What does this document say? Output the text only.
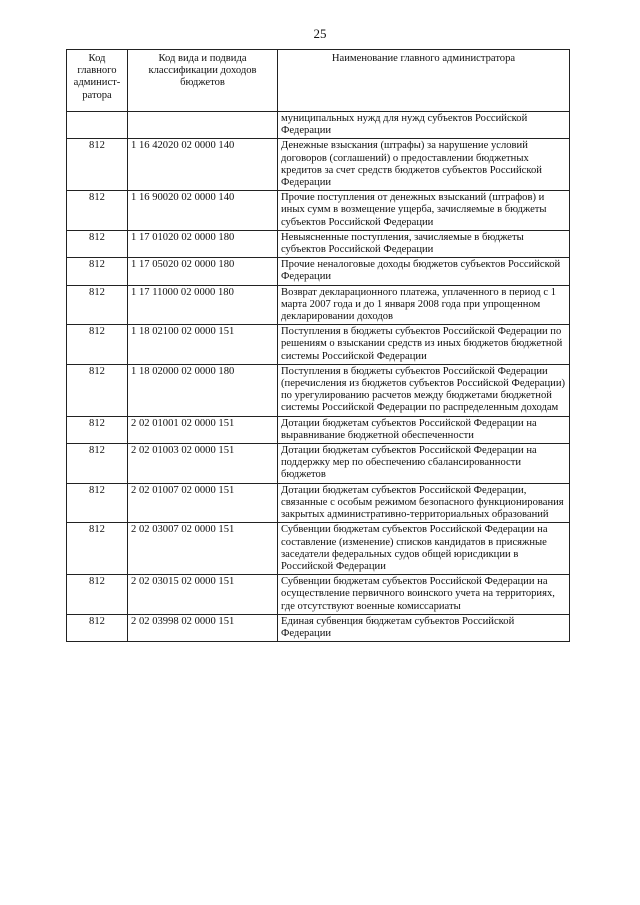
25
Код главного админист-ратора	Код вида и подвида классификации доходов бюджетов	Наименование главного администратора
		муниципальных нужд для нужд субъектов Российской Федерации
812	1 16 42020 02 0000 140	Денежные взыскания (штрафы) за нарушение условий договоров (соглашений) о предоставлении бюджетных кредитов за счет средств бюджетов субъектов Российской Федерации
812	1 16 90020 02 0000 140	Прочие поступления от денежных взысканий (штрафов) и иных сумм в возмещение ущерба, зачисляемые в бюджеты субъектов Российской Федерации
812	1 17 01020 02 0000 180	Невыясненные поступления, зачисляемые в бюджеты субъектов Российской Федерации
812	1 17 05020 02 0000 180	Прочие неналоговые доходы бюджетов субъектов Российской Федерации
812	1 17 11000 02 0000 180	Возврат декларационного платежа, уплаченного в период с 1 марта 2007 года и до 1 января 2008 года при упрощенном декларировании доходов
812	1 18 02100 02 0000 151	Поступления в бюджеты субъектов Российской Федерации по решениям о взыскании средств из иных бюджетов бюджетной системы Российской Федерации
812	1 18 02000 02 0000 180	Поступления в бюджеты субъектов Российской Федерации (перечисления из бюджетов субъектов Российской Федерации) по урегулированию расчетов между бюджетами бюджетной системы Российской Федерации по распределенным доходам
812	2 02 01001 02 0000 151	Дотации бюджетам субъектов Российской Федерации на выравнивание бюджетной обеспеченности
812	2 02 01003 02 0000 151	Дотации бюджетам субъектов Российской Федерации на поддержку мер по обеспечению сбалансированности бюджетов
812	2 02 01007 02 0000 151	Дотации бюджетам субъектов Российской Федерации, связанные с особым режимом безопасного функционирования закрытых административно-территориальных образований
812	2 02 03007 02 0000 151	Субвенции бюджетам субъектов Российской Федерации на составление (изменение) списков кандидатов в присяжные заседатели федеральных судов общей юрисдикции в Российской Федерации
812	2 02 03015 02 0000 151	Субвенции бюджетам субъектов Российской Федерации на осуществление первичного воинского учета на территориях, где отсутствуют военные комиссариаты
812	2 02 03998 02 0000 151	Единая субвенция бюджетам субъектов Российской Федерации
